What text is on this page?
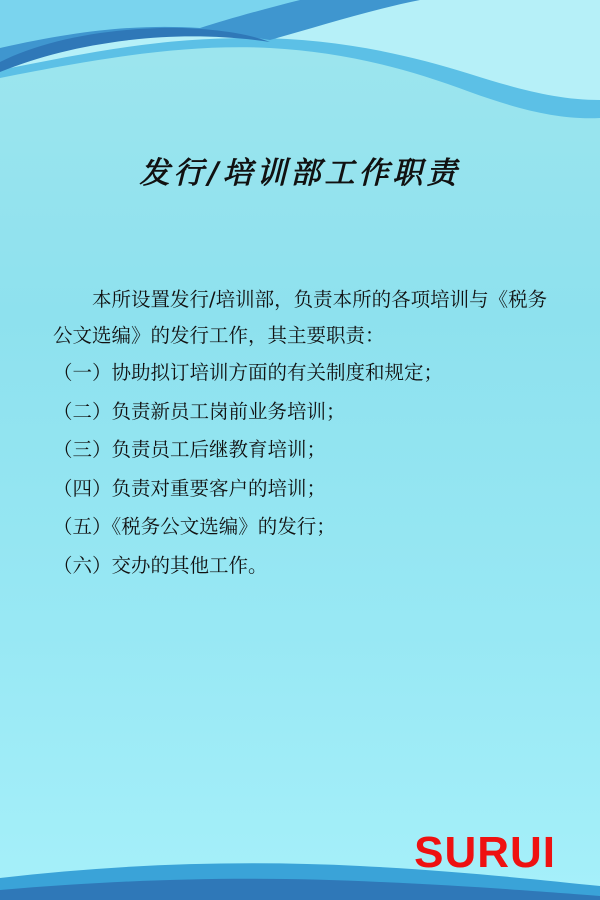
发行/培训部工作职责

本所设置发行/培训部，负责本所的各项培训与《税务公文选编》的发行工作，其主要职责：

（一）协助拟订培训方面的有关制度和规定；
（二）负责新员工岗前业务培训；
（三）负责员工后继教育培训；
（四）负责对重要客户的培训；
（五）《税务公文选编》的发行；
（六）交办的其他工作。
SURUI
